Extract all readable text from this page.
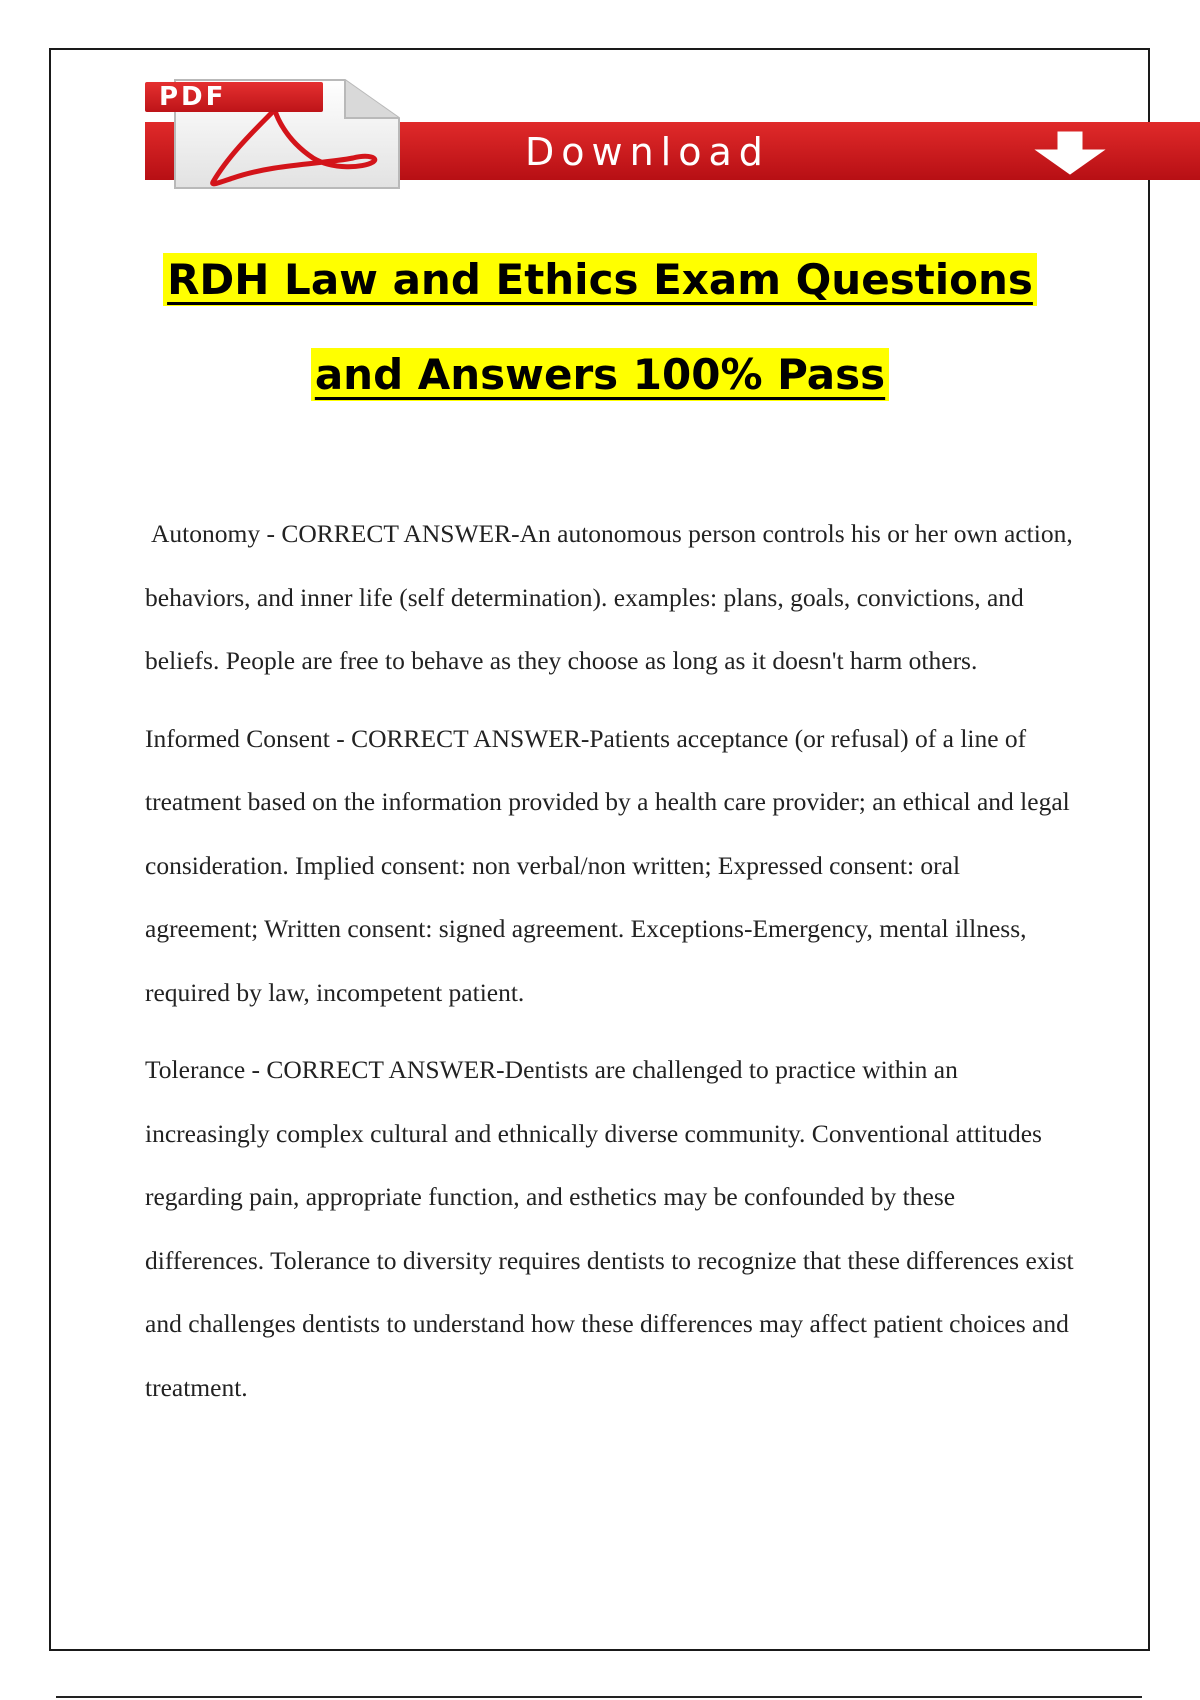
PDF
Download
RDH Law and Ethics Exam Questions
and Answers 100% Pass

Autonomy - CORRECT ANSWER-An autonomous person controls his or her own action, behaviors, and inner life (self determination). examples: plans, goals, convictions, and beliefs. People are free to behave as they choose as long as it doesn't harm others.

Informed Consent - CORRECT ANSWER-Patients acceptance (or refusal) of a line of treatment based on the information provided by a health care provider; an ethical and legal consideration. Implied consent: non verbal/non written; Expressed consent: oral agreement; Written consent: signed agreement. Exceptions-Emergency, mental illness, required by law, incompetent patient.

Tolerance - CORRECT ANSWER-Dentists are challenged to practice within an increasingly complex cultural and ethnically diverse community. Conventional attitudes regarding pain, appropriate function, and esthetics may be confounded by these differences. Tolerance to diversity requires dentists to recognize that these differences exist and challenges dentists to understand how these differences may affect patient choices and treatment.
